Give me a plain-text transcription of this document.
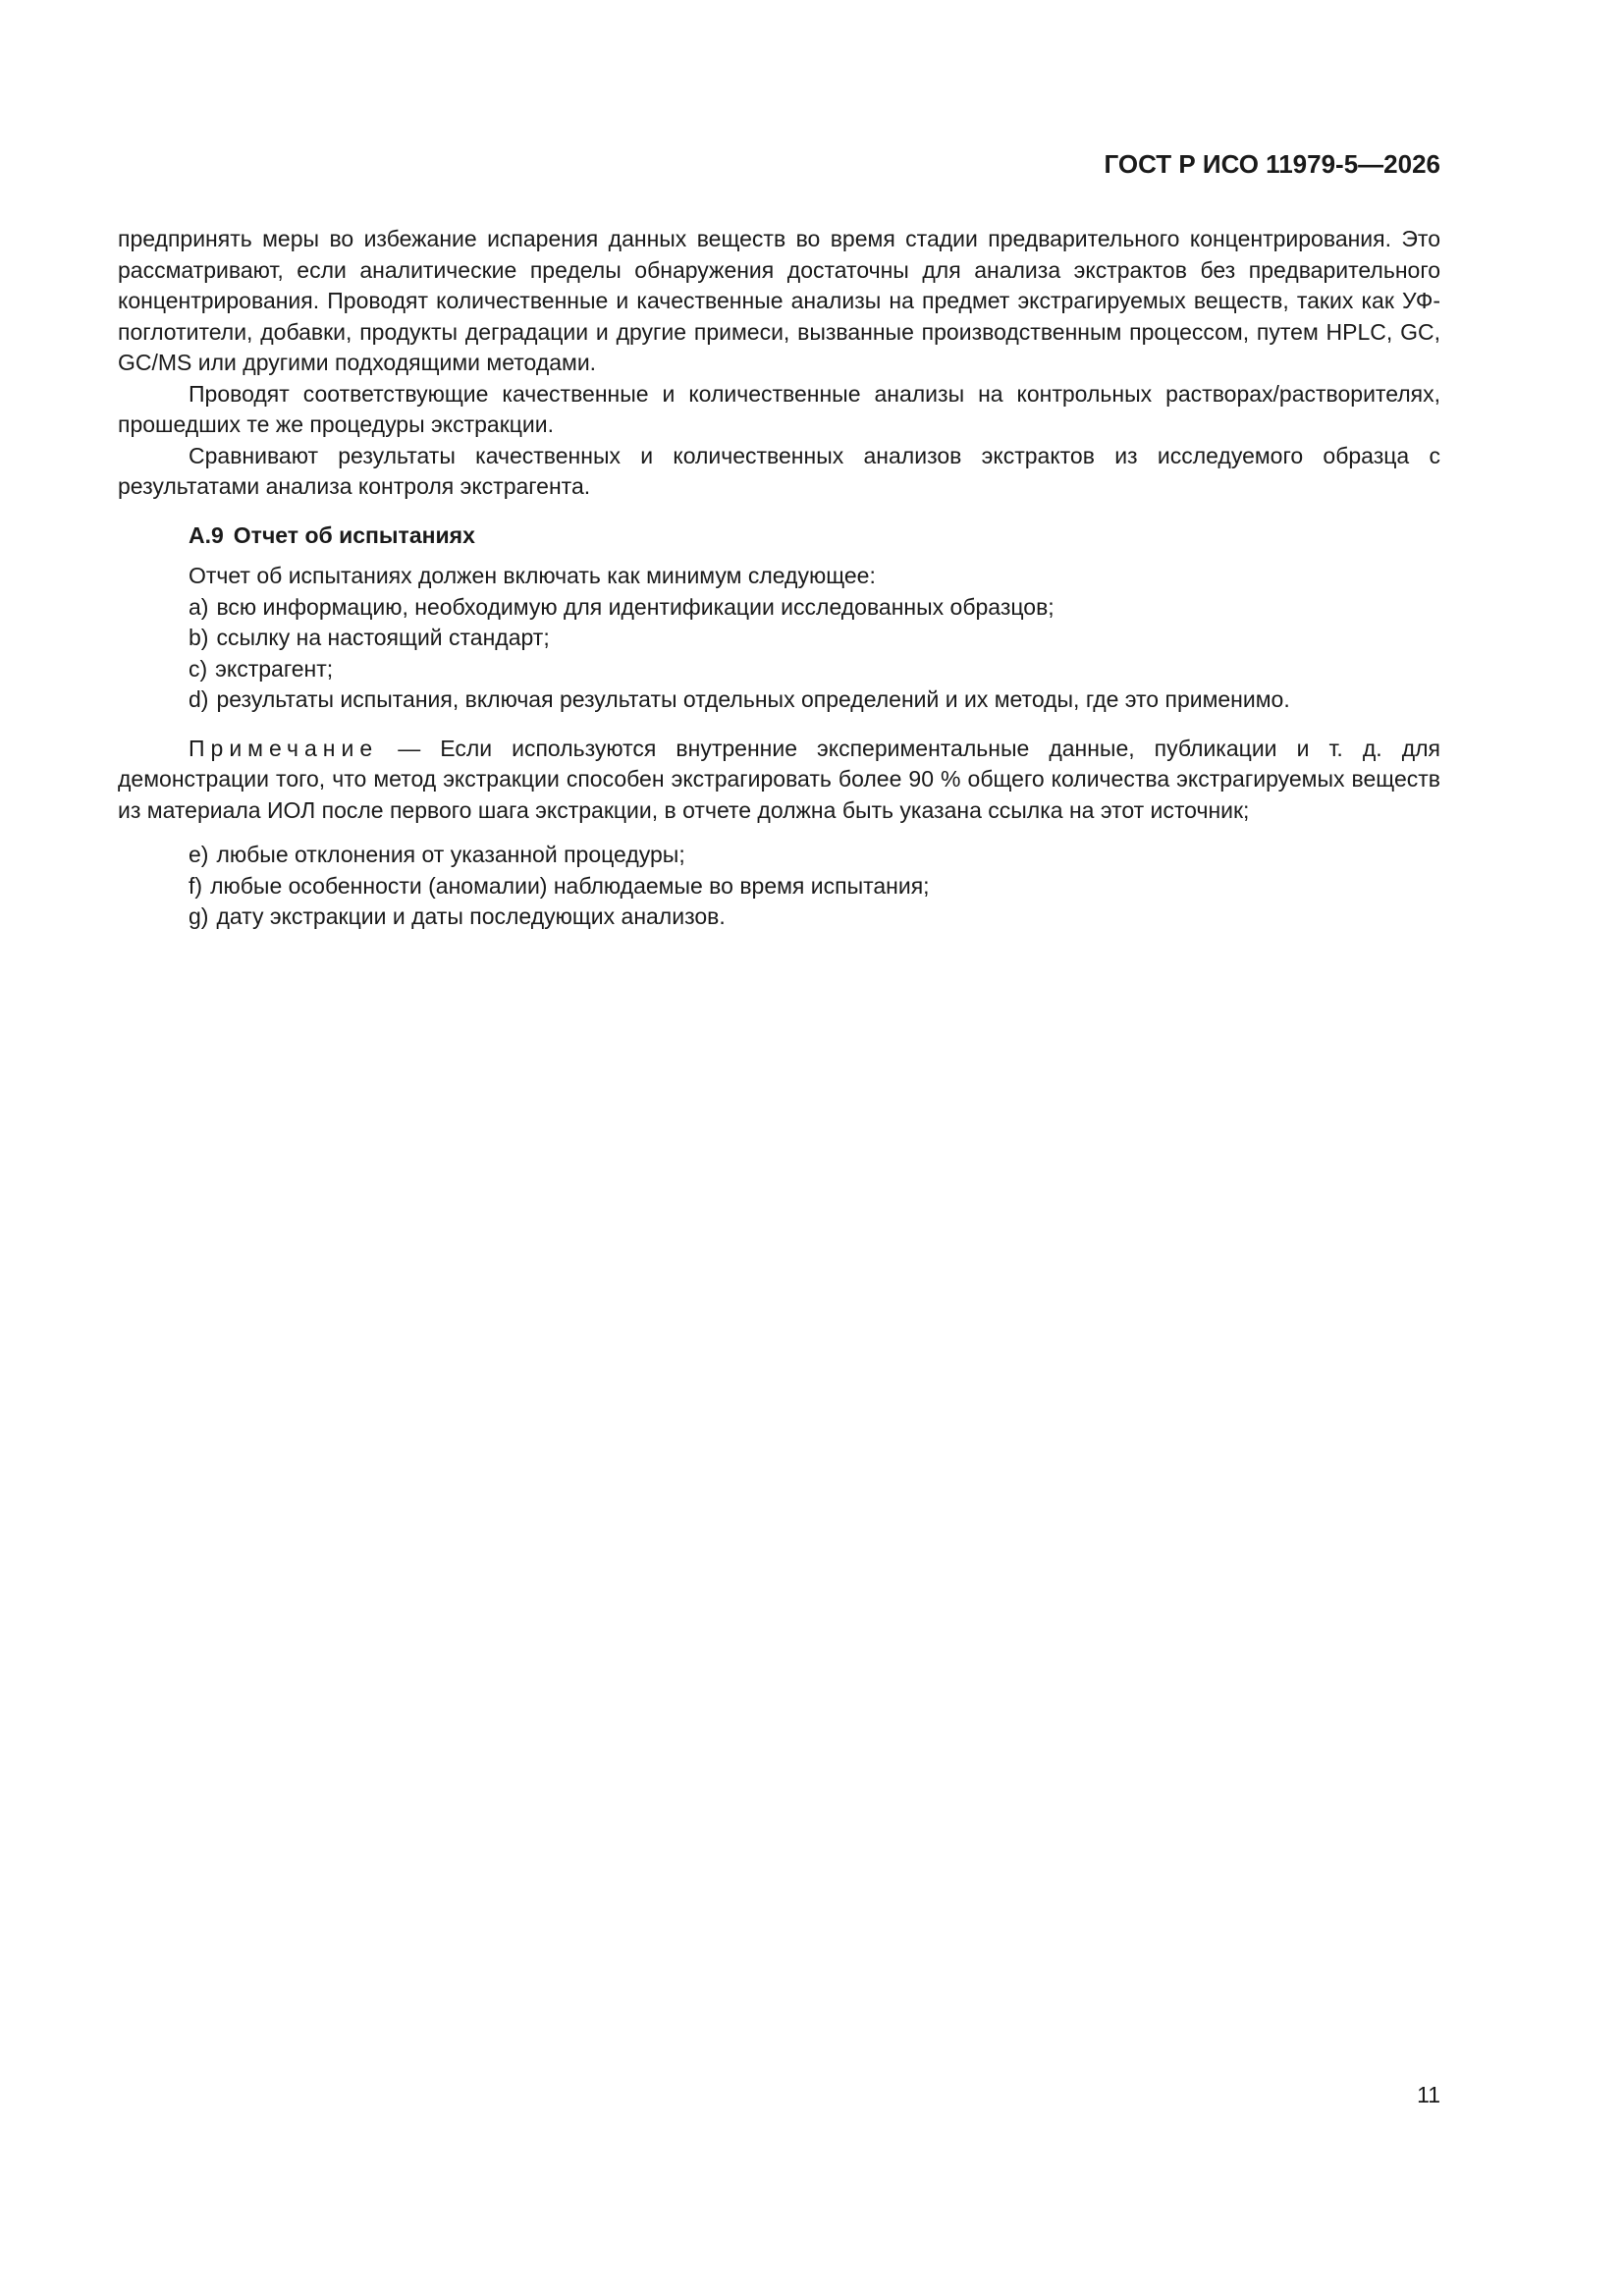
ГОСТ Р ИСО 11979-5—2026

предпринять меры во избежание испарения данных веществ во время стадии предварительного концентрирования. Это рассматривают, если аналитические пределы обнаружения достаточны для анализа экстрактов без предварительного концентрирования. Проводят количественные и качественные анализы на предмет экстрагируемых веществ, таких как УФ-поглотители, добавки, продукты деградации и другие примеси, вызванные производственным процессом, путем HPLC, GC, GC/MS или другими подходящими методами.

Проводят соответствующие качественные и количественные анализы на контрольных растворах/растворителях, прошедших те же процедуры экстракции.

Сравнивают результаты качественных и количественных анализов экстрактов из исследуемого образца с результатами анализа контроля экстрагента.

А.9 Отчет об испытаниях

Отчет об испытаниях должен включать как минимум следующее:

a) всю информацию, необходимую для идентификации исследованных образцов;

b) ссылку на настоящий стандарт;

c) экстрагент;

d) результаты испытания, включая результаты отдельных определений и их методы, где это применимо.

Примечание — Если используются внутренние экспериментальные данные, публикации и т. д. для демонстрации того, что метод экстракции способен экстрагировать более 90 % общего количества экстрагируемых веществ из материала ИОЛ после первого шага экстракции, в отчете должна быть указана ссылка на этот источник;

e) любые отклонения от указанной процедуры;

f) любые особенности (аномалии) наблюдаемые во время испытания;

g) дату экстракции и даты последующих анализов.

11
